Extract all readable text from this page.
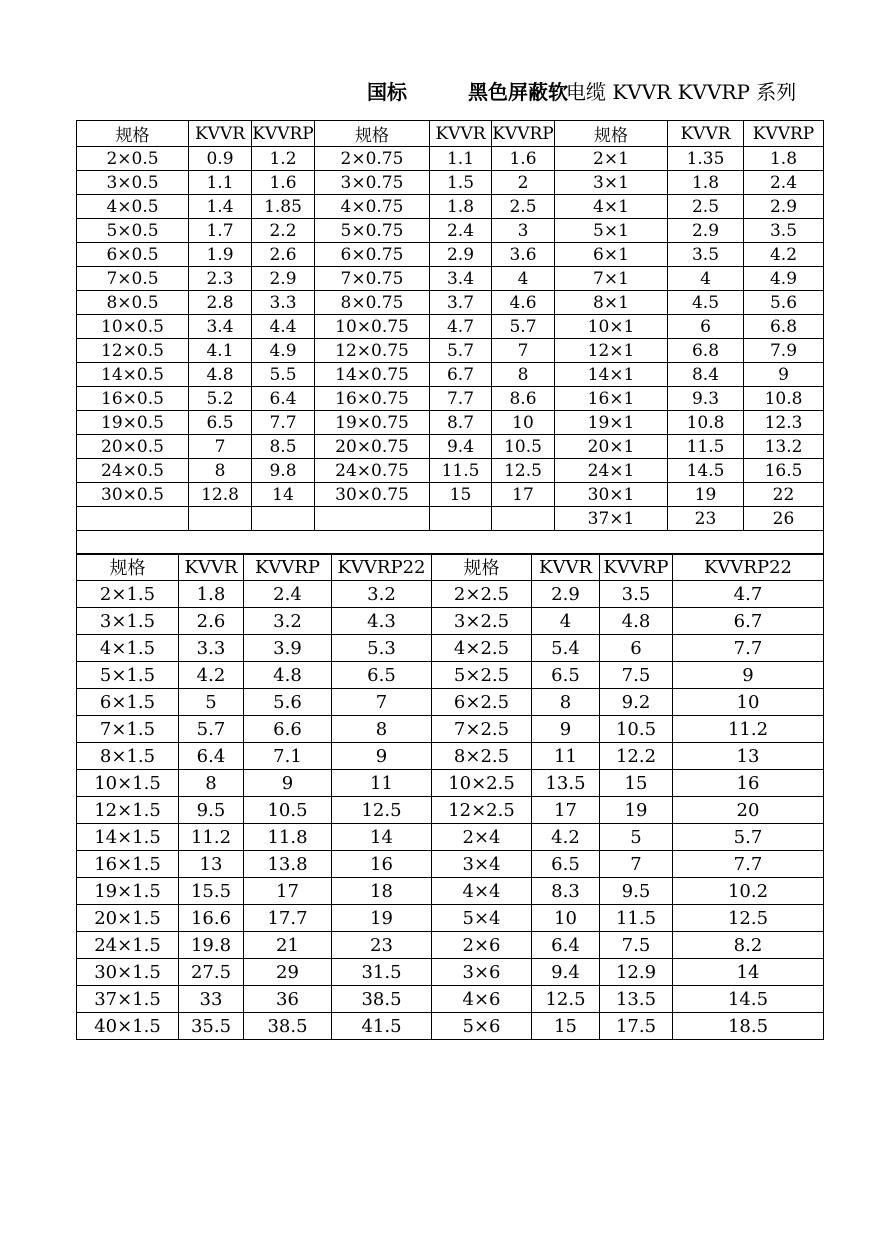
国标	黑色屏蔽软
电缆 KVVR KVVRP 系列
规格	KVVR	KVVRP	规格	KVVR	KVVRP	规格	KVVR	KVVRP
2×0.5	0.9	1.2	2×0.75	1.1	1.6	2×1	1.35	1.8
3×0.5	1.1	1.6	3×0.75	1.5	2	3×1	1.8	2.4
4×0.5	1.4	1.85	4×0.75	1.8	2.5	4×1	2.5	2.9
5×0.5	1.7	2.2	5×0.75	2.4	3	5×1	2.9	3.5
6×0.5	1.9	2.6	6×0.75	2.9	3.6	6×1	3.5	4.2
7×0.5	2.3	2.9	7×0.75	3.4	4	7×1	4	4.9
8×0.5	2.8	3.3	8×0.75	3.7	4.6	8×1	4.5	5.6
10×0.5	3.4	4.4	10×0.75	4.7	5.7	10×1	6	6.8
12×0.5	4.1	4.9	12×0.75	5.7	7	12×1	6.8	7.9
14×0.5	4.8	5.5	14×0.75	6.7	8	14×1	8.4	9
16×0.5	5.2	6.4	16×0.75	7.7	8.6	16×1	9.3	10.8
19×0.5	6.5	7.7	19×0.75	8.7	10	19×1	10.8	12.3
20×0.5	7	8.5	20×0.75	9.4	10.5	20×1	11.5	13.2
24×0.5	8	9.8	24×0.75	11.5	12.5	24×1	14.5	16.5
30×0.5	12.8	14	30×0.75	15	17	30×1	19	22
						37×1	23	26

规格	KVVR	KVVRP	KVVRP22	规格	KVVR	KVVRP	KVVRP22
2×1.5	1.8	2.4	3.2	2×2.5	2.9	3.5	4.7
3×1.5	2.6	3.2	4.3	3×2.5	4	4.8	6.7
4×1.5	3.3	3.9	5.3	4×2.5	5.4	6	7.7
5×1.5	4.2	4.8	6.5	5×2.5	6.5	7.5	9
6×1.5	5	5.6	7	6×2.5	8	9.2	10
7×1.5	5.7	6.6	8	7×2.5	9	10.5	11.2
8×1.5	6.4	7.1	9	8×2.5	11	12.2	13
10×1.5	8	9	11	10×2.5	13.5	15	16
12×1.5	9.5	10.5	12.5	12×2.5	17	19	20
14×1.5	11.2	11.8	14	2×4	4.2	5	5.7
16×1.5	13	13.8	16	3×4	6.5	7	7.7
19×1.5	15.5	17	18	4×4	8.3	9.5	10.2
20×1.5	16.6	17.7	19	5×4	10	11.5	12.5
24×1.5	19.8	21	23	2×6	6.4	7.5	8.2
30×1.5	27.5	29	31.5	3×6	9.4	12.9	14
37×1.5	33	36	38.5	4×6	12.5	13.5	14.5
40×1.5	35.5	38.5	41.5	5×6	15	17.5	18.5
